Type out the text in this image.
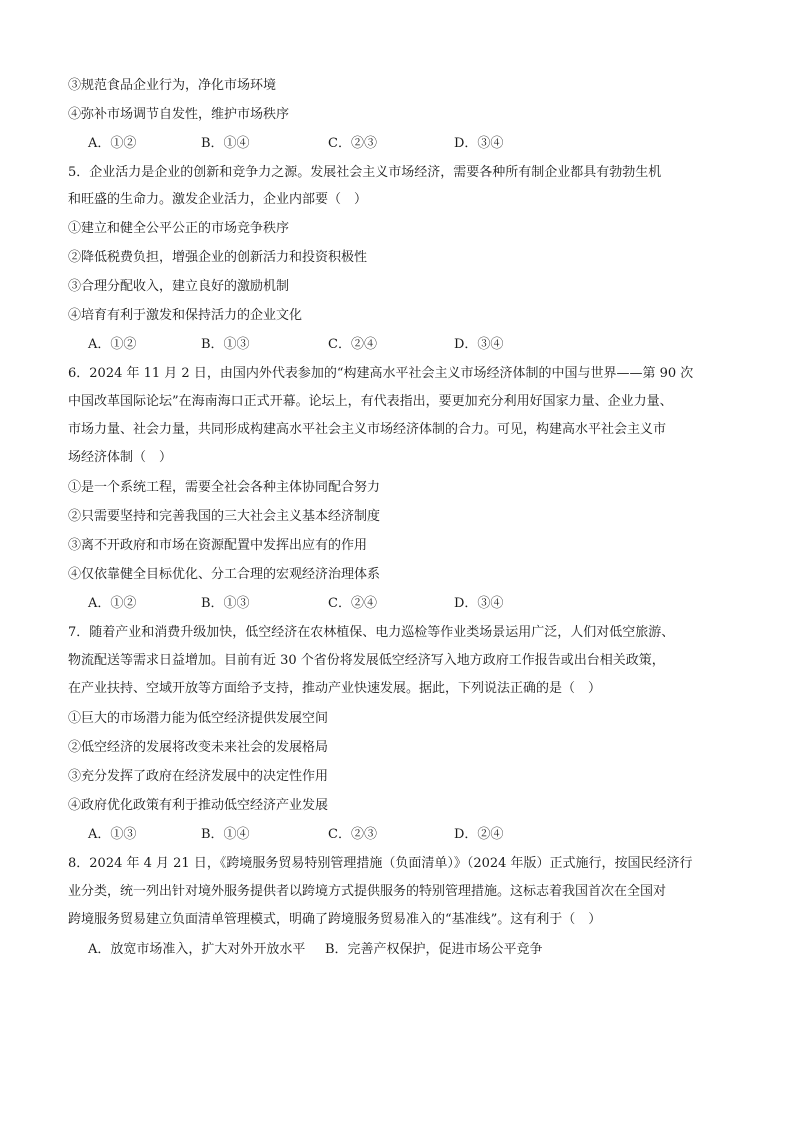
③规范食品企业行为，净化市场环境
④弥补市场调节自发性，维护市场秩序
A．①②	B．①④	C．②③	D．③④
5．企业活力是企业的创新和竞争力之源。发展社会主义市场经济，需要各种所有制企业都具有勃勃生机
和旺盛的生命力。激发企业活力，企业内部要（　）
①建立和健全公平公正的市场竞争秩序
②降低税费负担，增强企业的创新活力和投资积极性
③合理分配收入，建立良好的激励机制
④培育有利于激发和保持活力的企业文化
A．①②	B．①③	C．②④	D．③④
6．2024 年 11 月 2 日，由国内外代表参加的“构建高水平社会主义市场经济体制的中国与世界——第 90 次
中国改革国际论坛”在海南海口正式开幕。论坛上，有代表指出，要更加充分利用好国家力量、企业力量、
市场力量、社会力量，共同形成构建高水平社会主义市场经济体制的合力。可见，构建高水平社会主义市
场经济体制（　）
①是一个系统工程，需要全社会各种主体协同配合努力
②只需要坚持和完善我国的三大社会主义基本经济制度
③离不开政府和市场在资源配置中发挥出应有的作用
④仅依靠健全目标优化、分工合理的宏观经济治理体系
A．①②	B．①③	C．②④	D．③④
7．随着产业和消费升级加快，低空经济在农林植保、电力巡检等作业类场景运用广泛，人们对低空旅游、
物流配送等需求日益增加。目前有近 30 个省份将发展低空经济写入地方政府工作报告或出台相关政策，
在产业扶持、空域开放等方面给予支持，推动产业快速发展。据此，下列说法正确的是（　）
①巨大的市场潜力能为低空经济提供发展空间
②低空经济的发展将改变未来社会的发展格局
③充分发挥了政府在经济发展中的决定性作用
④政府优化政策有利于推动低空经济产业发展
A．①③	B．①④	C．②③	D．②④
8．2024 年 4 月 21 日，《跨境服务贸易特别管理措施（负面清单）》（2024 年版）正式施行，按国民经济行
业分类，统一列出针对境外服务提供者以跨境方式提供服务的特别管理措施。这标志着我国首次在全国对
跨境服务贸易建立负面清单管理模式，明确了跨境服务贸易准入的“基准线”。这有利于（　）
A．放宽市场准入，扩大对外开放水平 B．完善产权保护，促进市场公平竞争
